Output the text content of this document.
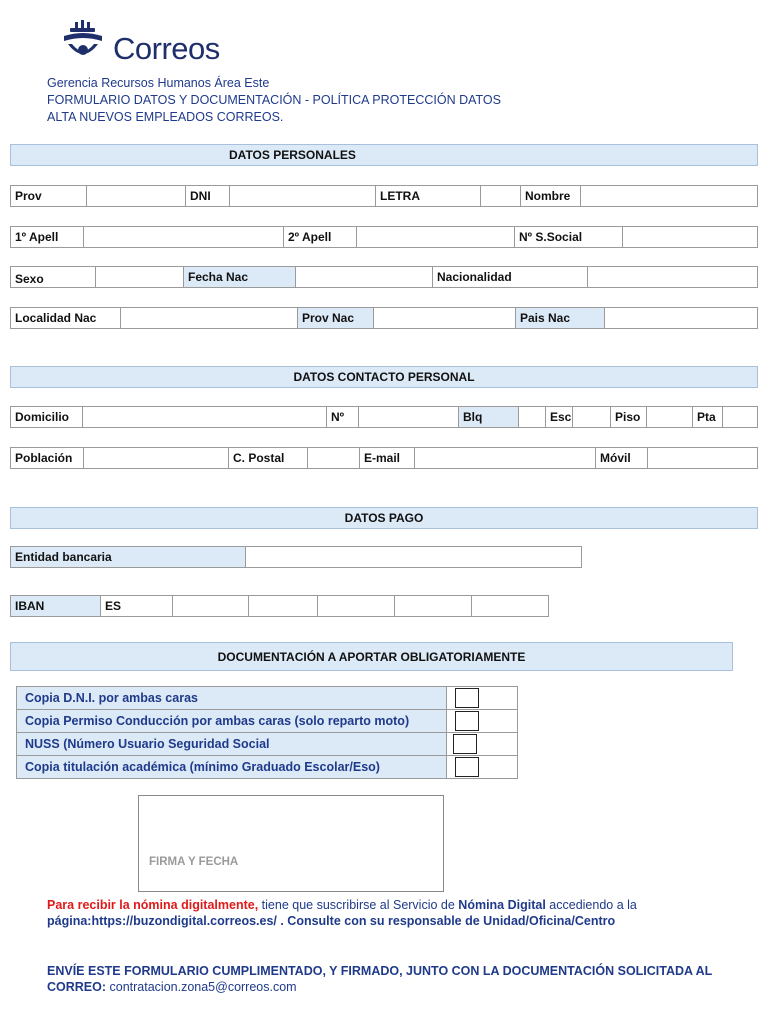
Correos
Gerencia Recursos Humanos Área Este
FORMULARIO DATOS Y DOCUMENTACIÓN - POLÍTICA PROTECCIÓN DATOS
ALTA NUEVOS EMPLEADOS CORREOS.
DATOS PERSONALES
Prov	DNI	LETRA	Nombre
1º Apell	2º Apell	Nº S.Social
Sexo	Fecha Nac	Nacionalidad
Localidad Nac	Prov Nac	Pais Nac
DATOS CONTACTO PERSONAL
Domicilio	Nº	Blq	Esc	Piso	Pta
Población	C. Postal	E-mail	Móvil
DATOS PAGO
Entidad bancaria
IBAN	ES
DOCUMENTACIÓN A APORTAR OBLIGATORIAMENTE
Copia D.N.I. por ambas caras
Copia Permiso Conducción por ambas caras (solo reparto moto)
NUSS (Número Usuario Seguridad Social
Copia titulación académica (mínimo Graduado Escolar/Eso)
FIRMA Y FECHA
Para recibir la nómina digitalmente, tiene que suscribirse al Servicio de Nómina Digital accediendo a la
página:https://buzondigital.correos.es/ . Consulte con su responsable de Unidad/Oficina/Centro
ENVÍE ESTE FORMULARIO CUMPLIMENTADO, Y FIRMADO, JUNTO CON LA DOCUMENTACIÓN SOLICITADA AL
CORREO: contratacion.zona5@correos.com
